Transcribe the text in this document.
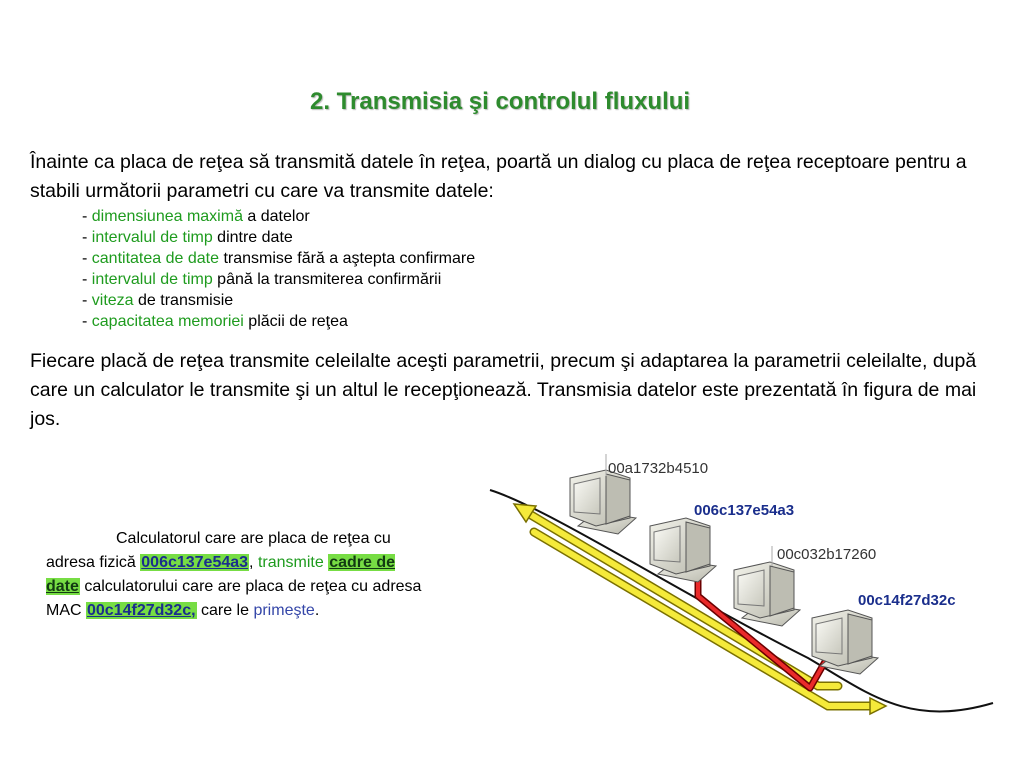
2. Transmisia şi controlul fluxului
Înainte ca placa de reţea să transmită datele în reţea, poartă un dialog cu placa de reţea receptoare pentru a stabili următorii parametri cu care va transmite datele:
- dimensiunea maximă a datelor
- intervalul de timp dintre date
- cantitatea de date transmise fără a aştepta confirmare
- intervalul de timp până la transmiterea confirmării
- viteza de transmisie
- capacitatea memoriei plăcii de reţea
Fiecare placă de reţea transmite celeilalte aceşti parametrii, precum şi adaptarea la parametrii celeilalte, după care un calculator le transmite şi un altul le recepţionează. Transmisia datelor este prezentată în figura de mai jos.
Calculatorul care are placa de reţea cu adresa fizică 006c137e54a3, transmite cadre de date calculatorului care are placa de reţea cu adresa MAC 00c14f27d32c, care le primeşte.
00a1732b4510
006c137e54a3
00c032b17260
00c14f27d32c
